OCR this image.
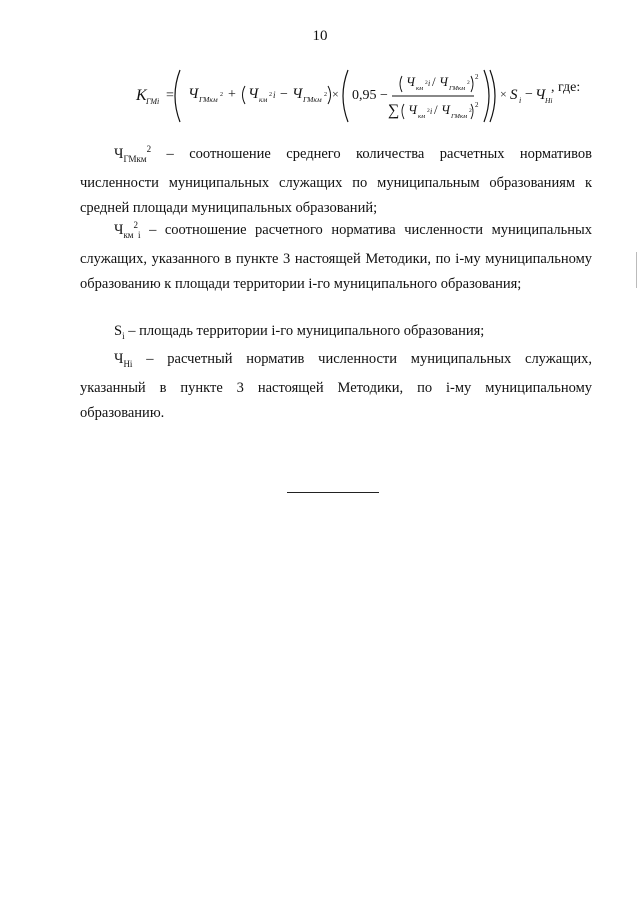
10
K ГМi = Ч ГМкм 2 + Ч км 2 i − Ч ГМкм 2 × 0,95 −
Ч км
2 i / Ч ГМкм
2
2
∑ Ч км
2 i / Ч ГМкм
2
2
× S i − Ч Нi
, где:

$Ч_{ГМкм}^2$ – соотношение среднего количества расчетных нормативов численности муниципальных служащих по муниципальным образованиям к средней площади муниципальных образований;

$Ч_{км}^2_i$ – соотношение расчетного норматива численности муниципальных служащих, указанного в пункте 3 настоящей Методики, по i-му муниципальному образованию к площади территории i-го муниципального образования;

$S_i$ – площадь территории i-го муниципального образования;

$Ч_{Нi}$ – расчетный норматив численности муниципальных служащих, указанный в пункте 3 настоящей Методики, по i-му муниципальному образованию.
